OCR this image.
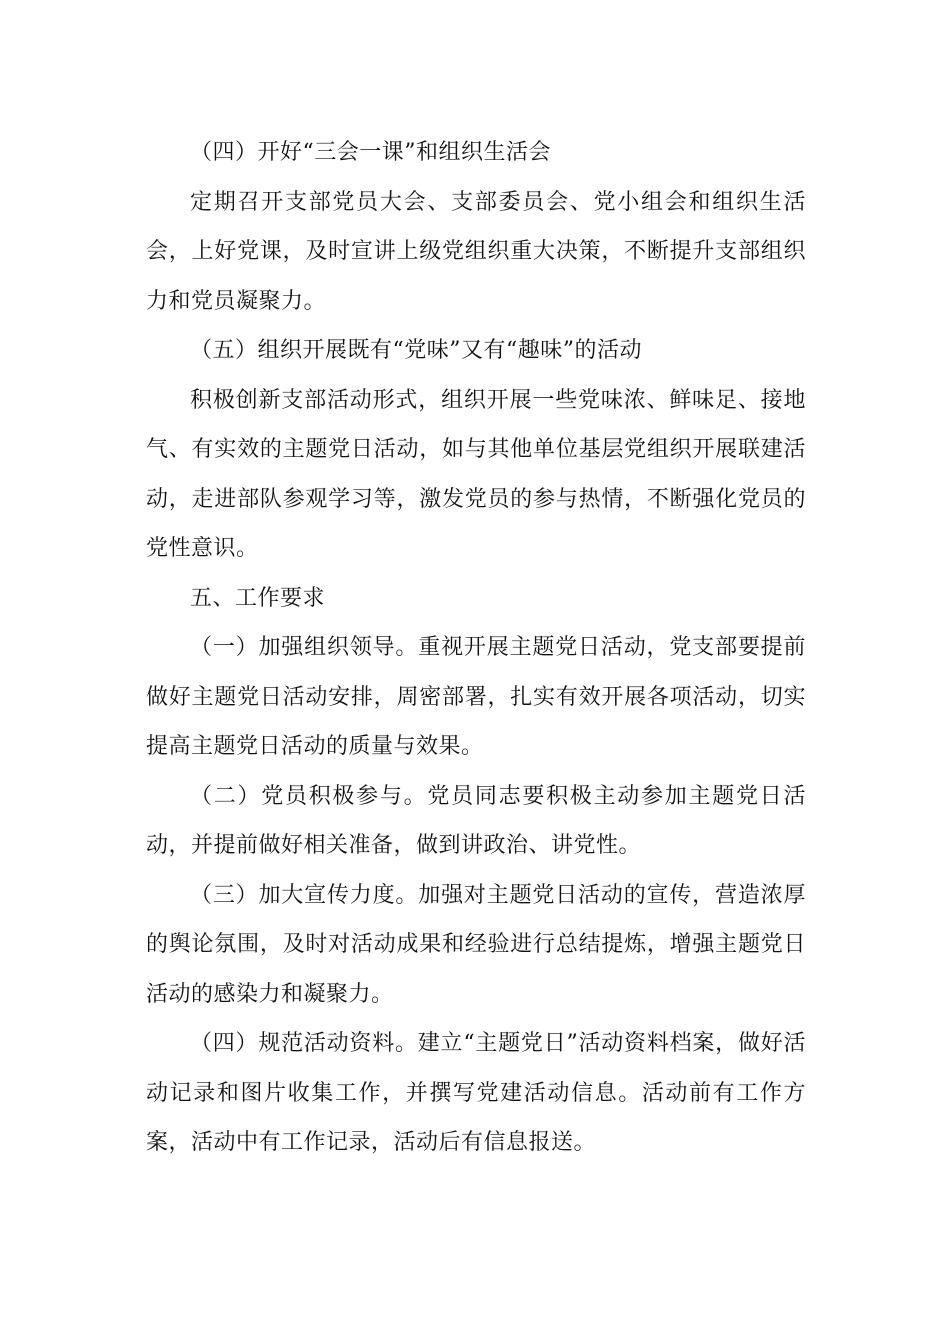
（四）开好“三会一课”和组织生活会

定期召开支部党员大会、支部委员会、党小组会和组织生活会，上好党课，及时宣讲上级党组织重大决策，不断提升支部组织力和党员凝聚力。

（五）组织开展既有“党味”又有“趣味”的活动

积极创新支部活动形式，组织开展一些党味浓、鲜味足、接地气、有实效的主题党日活动，如与其他单位基层党组织开展联建活动，走进部队参观学习等，激发党员的参与热情，不断强化党员的党性意识。

五、工作要求

（一）加强组织领导。重视开展主题党日活动，党支部要提前做好主题党日活动安排，周密部署，扎实有效开展各项活动，切实提高主题党日活动的质量与效果。

（二）党员积极参与。党员同志要积极主动参加主题党日活动，并提前做好相关准备，做到讲政治、讲党性。

（三）加大宣传力度。加强对主题党日活动的宣传，营造浓厚的舆论氛围，及时对活动成果和经验进行总结提炼，增强主题党日活动的感染力和凝聚力。

（四）规范活动资料。建立“主题党日”活动资料档案，做好活动记录和图片收集工作，并撰写党建活动信息。活动前有工作方案，活动中有工作记录，活动后有信息报送。
